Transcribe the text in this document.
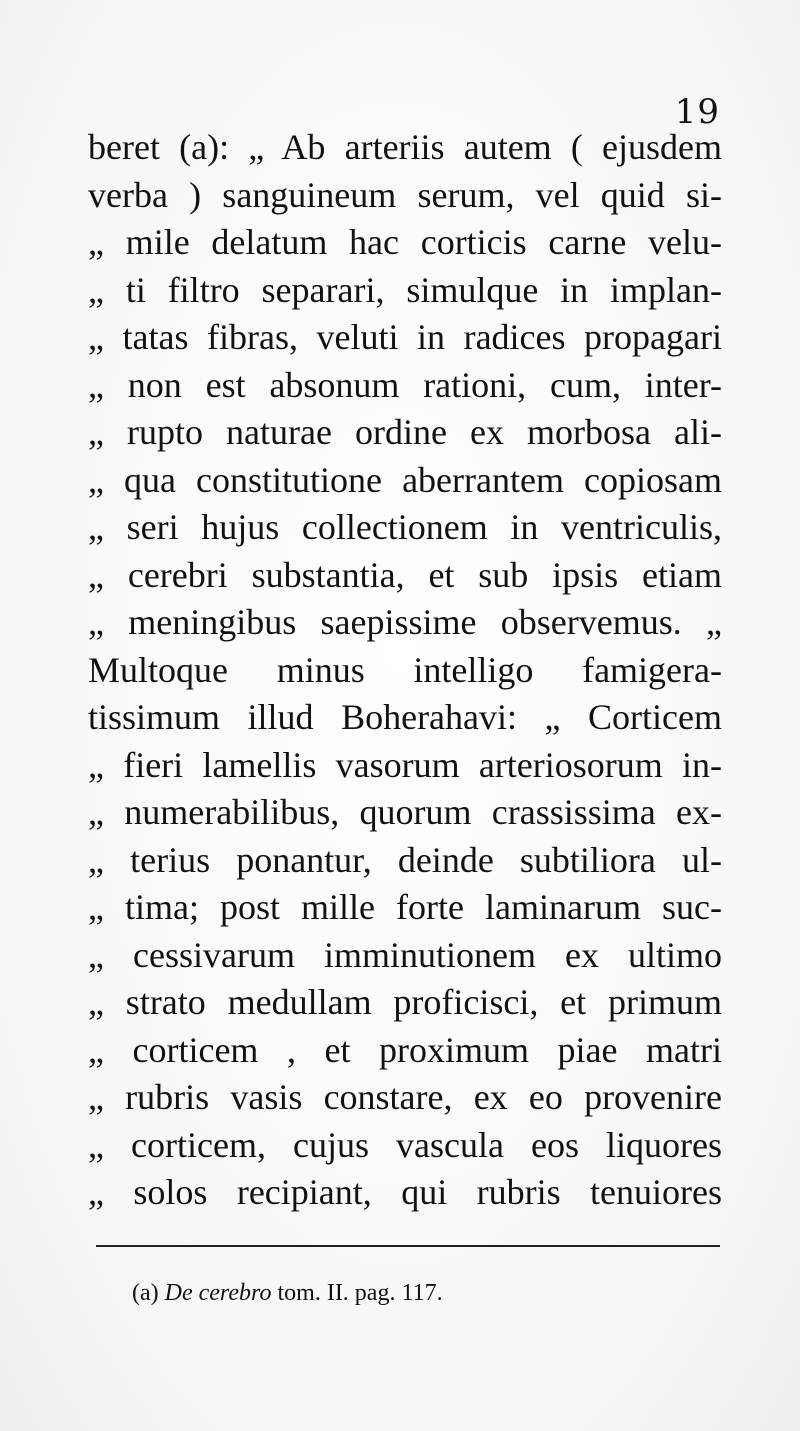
19
beret (a): „ Ab arteriis autem ( ejusdem
verba ) sanguineum serum, vel quid si-
„ mile delatum hac corticis carne velu-
„ ti filtro separari, simulque in implan-
„ tatas fibras, veluti in radices propagari
„ non est absonum rationi, cum, inter-
„ rupto naturae ordine ex morbosa ali-
„ qua constitutione aberrantem copiosam
„ seri hujus collectionem in ventriculis,
„ cerebri substantia, et sub ipsis etiam
„ meningibus saepissime observemus. „
Multoque minus intelligo famigera-
tissimum illud Boherahavi: „ Corticem
„ fieri lamellis vasorum arteriosorum in-
„ numerabilibus, quorum crassissima ex-
„ terius ponantur, deinde subtiliora ul-
„ tima; post mille forte laminarum suc-
„ cessivarum imminutionem ex ultimo
„ strato medullam proficisci, et primum
„ corticem , et proximum piae matri
„ rubris vasis constare, ex eo provenire
„ corticem, cujus vascula eos liquores
„ solos recipiant, qui rubris tenuiores
(a) De cerebro tom. II. pag. 117.
